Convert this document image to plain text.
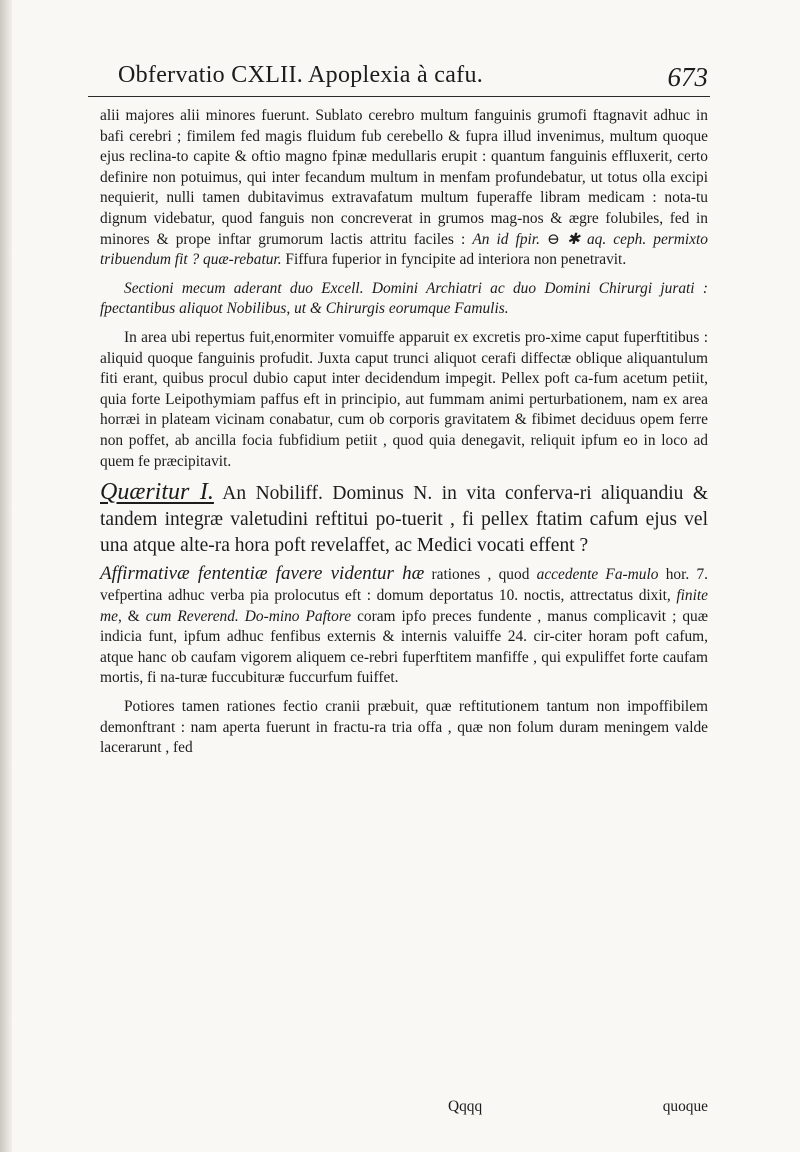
Obfervatio CXLII. Apoplexia à cafu.	673

alii majores alii minores fuerunt. Sublato cerebro multum fanguinis grumofi ftagnavit adhuc in bafi cerebri ; fimilem fed magis fluidum fub cerebello & fupra illud invenimus, multum quoque ejus reclina-to capite & oftio magno fpinæ medullaris erupit : quantum fanguinis effluxerit, certo definire non potuimus, qui inter fecandum multum in menfam profundebatur, ut totus olla excipi nequierit, nulli tamen dubitavimus extravafatum multum fuperaffe libram medicam : nota-tu dignum videbatur, quod fanguis non concreverat in grumos mag-nos & ægre folubiles, fed in minores & prope inftar grumorum lactis attritu faciles : An id fpir. ⊖ ✱ aq. ceph. permixto tribuendum fit ? quæ-rebatur. Fiffura fuperior in fyncipite ad interiora non penetravit.

Sectioni mecum aderant duo Excell. Domini Archiatri ac duo Domini Chirurgi jurati : fpectantibus aliquot Nobilibus, ut & Chirurgis eorumque Famulis.

In area ubi repertus fuit,enormiter vomuiffe apparuit ex excretis pro-xime caput fuperftitibus : aliquid quoque fanguinis profudit. Juxta caput trunci aliquot cerafi diffectæ oblique aliquantulum fiti erant, quibus procul dubio caput inter decidendum impegit. Pellex poft ca-fum acetum petiit, quia forte Leipothymiam paffus eft in principio, aut fummam animi perturbationem, nam ex area horræi in plateam vicinam conabatur, cum ob corporis gravitatem & fibimet deciduus opem ferre non poffet, ab ancilla focia fubfidium petiit , quod quia denegavit, reliquit ipfum eo in loco ad quem fe præcipitavit.

Quæritur I. An Nobiliff. Dominus N. in vita conferva-ri aliquandiu & tandem integræ valetudini reftitui po-tuerit , fi pellex ftatim cafum ejus vel una atque alte-ra hora poft revelaffet, ac Medici vocati effent ?

Affirmativæ fententiæ favere videntur hæ rationes , quod accedente Fa-mulo hor. 7. vefpertina adhuc verba pia prolocutus eft : domum deportatus 10. noctis, attrectatus dixit, finite me, & cum Reverend. Do-mino Paftore coram ipfo preces fundente , manus complicavit ; quæ indicia funt, ipfum adhuc fenfibus externis & internis valuiffe 24. cir-citer horam poft cafum, atque hanc ob caufam vigorem aliquem ce-rebri fuperftitem manfiffe , qui expuliffet forte caufam mortis, fi na-turæ fuccubituræ fuccurfum fuiffet.

Potiores tamen rationes fectio cranii præbuit, quæ reftitutionem tantum non impoffibilem demonftrant : nam aperta fuerunt in fractu-ra tria offa , quæ non folum duram meningem valde lacerarunt , fed

Qqqq	quoque
